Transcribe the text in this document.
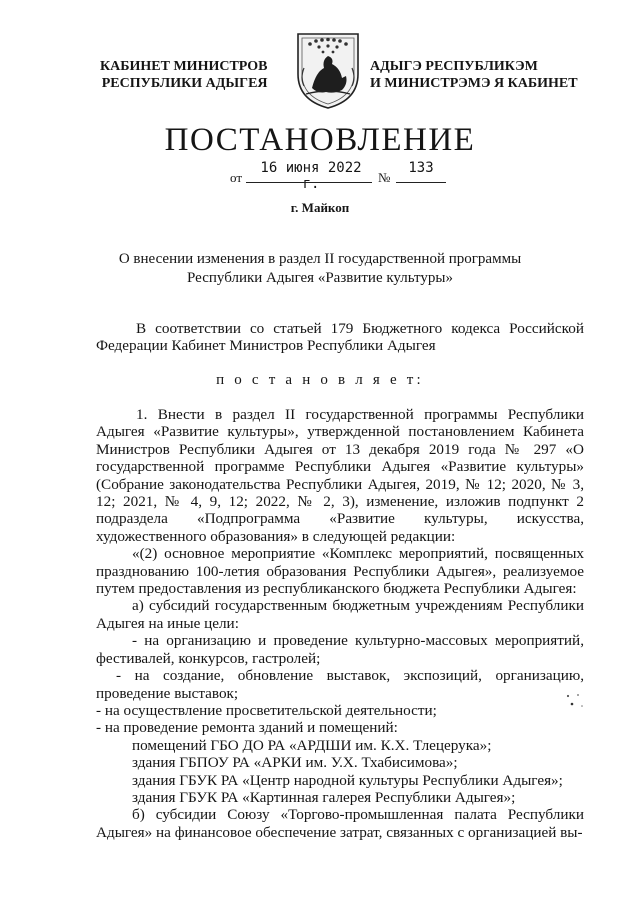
КАБИНЕТ МИНИСТРОВ
РЕСПУБЛИКИ АДЫГЕЯ
АДЫГЭ РЕСПУБЛИКЭМ
И МИНИСТРЭМЭ Я КАБИНЕТ
ПОСТАНОВЛЕНИЕ
от
16 июня 2022 г.	№
133
г. Майкоп
О внесении изменения в раздел II государственной программы
Республики Адыгея «Развитие культуры»

В соответствии со статьей 179 Бюджетного кодекса Российской Федерации Кабинет Министров Республики Адыгея

п о с т а н о в л я е т:

1. Внести в раздел II государственной программы Республики Адыгея «Развитие культуры», утвержденной постановлением Кабинета Министров Республики Адыгея от 13 декабря 2019 года № 297 «О государственной программе Республики Адыгея «Развитие культуры» (Собрание законодательства Республики Адыгея, 2019, № 12; 2020, № 3, 12; 2021, № 4, 9, 12; 2022, № 2, 3), изменение, изложив подпункт 2 подраздела «Подпрограмма «Развитие культуры, искусства, художественного образования» в следующей редакции:

«(2) основное мероприятие «Комплекс мероприятий, посвященных празднованию 100-летия образования Республики Адыгея», реализуемое путем предоставления из республиканского бюджета Республики Адыгея:

а) субсидий государственным бюджетным учреждениям Республики Адыгея на иные цели:

- на организацию и проведение культурно-массовых мероприятий, фестивалей, конкурсов, гастролей;

- на создание, обновление выставок, экспозиций, организацию, проведение выставок;

- на осуществление просветительской деятельности;

- на проведение ремонта зданий и помещений:

помещений ГБО ДО РА «АРДШИ им. К.Х. Тлецерука»;

здания ГБПОУ РА «АРКИ им. У.Х. Тхабисимова»;

здания ГБУК РА «Центр народной культуры Республики Адыгея»;

здания ГБУК РА «Картинная галерея Республики Адыгея»;

б) субсидии Союзу «Торгово-промышленная палата Республики Адыгея» на финансовое обеспечение затрат, связанных с организацией вы-
